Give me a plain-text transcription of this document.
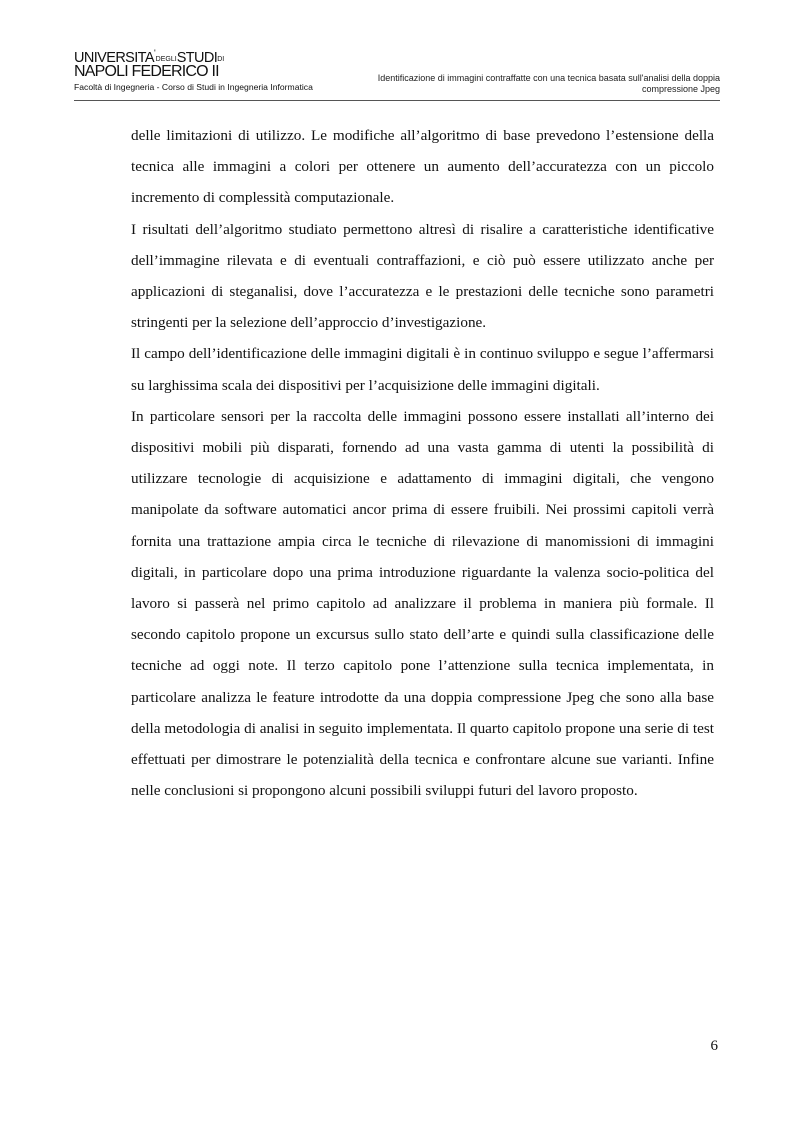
UNIVERSITA'DEGLISTUDIDI
NAPOLI FEDERICO II
Facoltà di Ingegneria - Corso di Studi in Ingegneria Informatica
Identificazione di immagini contraffatte con una tecnica basata sull'analisi della doppia
compressione Jpeg

delle limitazioni di utilizzo. Le modifiche all’algoritmo di base prevedono l’estensione della tecnica alle immagini a colori per ottenere un aumento dell’accuratezza con un piccolo incremento di complessità computazionale.

I risultati dell’algoritmo studiato permettono altresì di risalire a caratteristiche identificative dell’immagine rilevata e di eventuali contraffazioni, e ciò può essere utilizzato anche per applicazioni di steganalisi, dove l’accuratezza e le prestazioni delle tecniche sono parametri stringenti per la selezione dell’approccio d’investigazione.

Il campo dell’identificazione delle immagini digitali è in continuo sviluppo e segue l’affermarsi su larghissima scala dei dispositivi per l’acquisizione delle immagini digitali.

In particolare sensori per la raccolta delle immagini possono essere installati all’interno dei dispositivi mobili più disparati, fornendo ad una vasta gamma di utenti la possibilità di utilizzare tecnologie di acquisizione e adattamento di immagini digitali, che vengono manipolate da software automatici ancor prima di essere fruibili. Nei prossimi capitoli verrà fornita una trattazione ampia circa le tecniche di rilevazione di manomissioni di immagini digitali, in particolare dopo una prima introduzione riguardante la valenza socio-politica del lavoro si passerà nel primo capitolo ad analizzare il problema in maniera più formale. Il secondo capitolo propone un excursus sullo stato dell’arte e quindi sulla classificazione delle tecniche ad oggi note. Il terzo capitolo pone l’attenzione sulla tecnica implementata, in particolare analizza le feature introdotte da una doppia compressione Jpeg che sono alla base della metodologia di analisi in seguito implementata. Il quarto capitolo propone una serie di test effettuati per dimostrare le potenzialità della tecnica e confrontare alcune sue varianti. Infine nelle conclusioni si propongono alcuni possibili sviluppi futuri del lavoro proposto.

6
